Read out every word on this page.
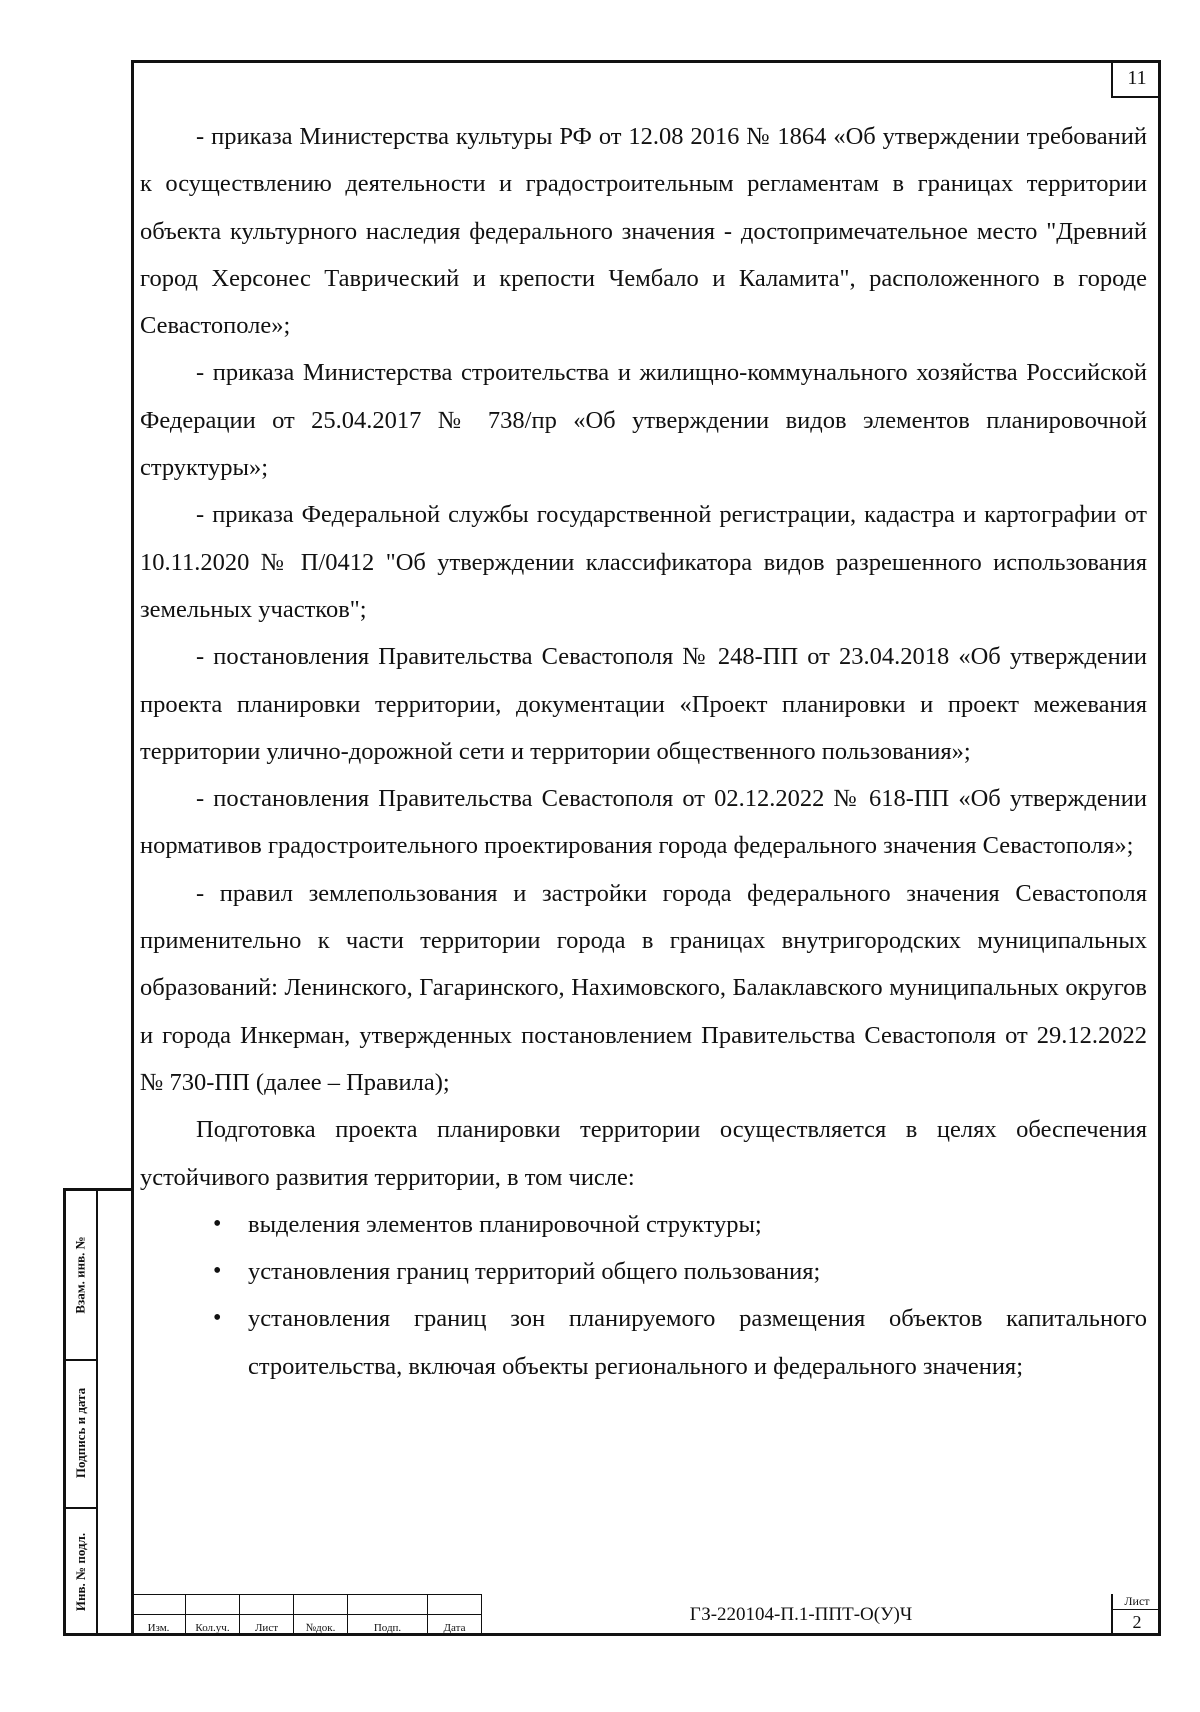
11

- приказа Министерства культуры РФ от 12.08 2016 № 1864 «Об утверждении требований к осуществлению деятельности и градостроительным регламентам в границах территории объекта культурного наследия федерального значения - достопримечательное место "Древний город Херсонес Таврический и крепости Чембало и Каламита", расположенного в городе Севастополе»;

- приказа Министерства строительства и жилищно-коммунального хозяйства Российской Федерации от 25.04.2017 № 738/пр «Об утверждении видов элементов планировочной структуры»;

- приказа Федеральной службы государственной регистрации, кадастра и картографии от 10.11.2020 № П/0412 "Об утверждении классификатора видов разрешенного использования земельных участков";

- постановления Правительства Севастополя № 248-ПП от 23.04.2018 «Об утверждении проекта планировки территории, документации «Проект планировки и проект межевания территории улично-дорожной сети и территории общественного пользования»;

- постановления Правительства Севастополя от 02.12.2022 № 618-ПП «Об утверждении нормативов градостроительного проектирования города федерального значения Севастополя»;

- правил землепользования и застройки города федерального значения Севастополя применительно к части территории города в границах внутригородских муниципальных образований: Ленинского, Гагаринского, Нахимовского, Балаклавского муниципальных округов и города Инкерман, утвержденных постановлением Правительства Севастополя от 29.12.2022 № 730-ПП (далее – Правила);

Подготовка проекта планировки территории осуществляется в целях обеспечения устойчивого развития территории, в том числе:

• выделения элементов планировочной структуры;
• установлeния границ территорий общего пользования;
• установления границ зон планируемого размещения объектов капитального строительства, включая объекты регионального и федерального значения;
Взам. инв. №
Подпись и дата
Инв. № подл.

Изм.	Кол.уч.	Лист	№док.	Подп.	Дата
ГЗ-220104-П.1-ППТ-О(У)Ч
Лист
2
